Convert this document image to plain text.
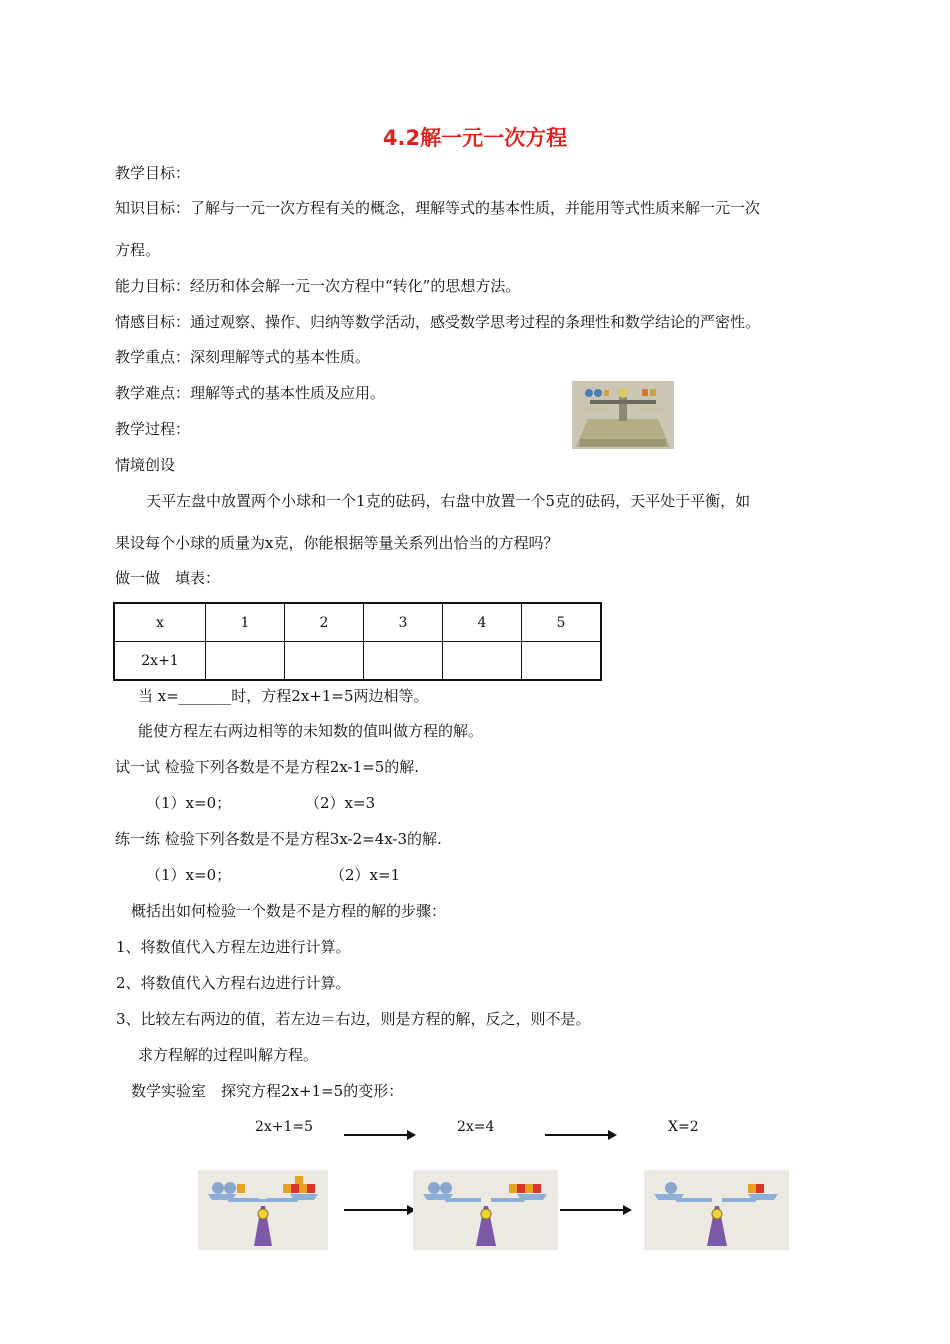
4.2解一元一次方程
教学目标：
知识目标：了解与一元一次方程有关的概念，理解等式的基本性质，并能用等式性质来解一元一次
方程。
能力目标：经历和体会解一元一次方程中“转化”的思想方法。
情感目标：通过观察、操作、归纳等数学活动，感受数学思考过程的条理性和数学结论的严密性。
教学重点：深刻理解等式的基本性质。
教学难点：理解等式的基本性质及应用。
教学过程：
情境创设
天平左盘中放置两个小球和一个1克的砝码，右盘中放置一个5克的砝码，天平处于平衡，如
果设每个小球的质量为x克，你能根据等量关系列出恰当的方程吗？
做一做　填表：
x	1	2	3	4	5
2x+1					
当 x=_______时，方程2x+1=5两边相等。
能使方程左右两边相等的未知数的值叫做方程的解。
试一试 检验下列各数是不是方程2x-1=5的解.
（1）x=0；	（2）x=3
练一练 检验下列各数是不是方程3x-2=4x-3的解.
（1）x=0；	（2）x=1
概括出如何检验一个数是不是方程的解的步骤：
1、将数值代入方程左边进行计算。
2、将数值代入方程右边进行计算。
3、比较左右两边的值，若左边＝右边，则是方程的解，反之，则不是。
求方程解的过程叫解方程。
数学实验室　探究方程2x+1=5的变形：
2x+1=5	2x=4	X=2
